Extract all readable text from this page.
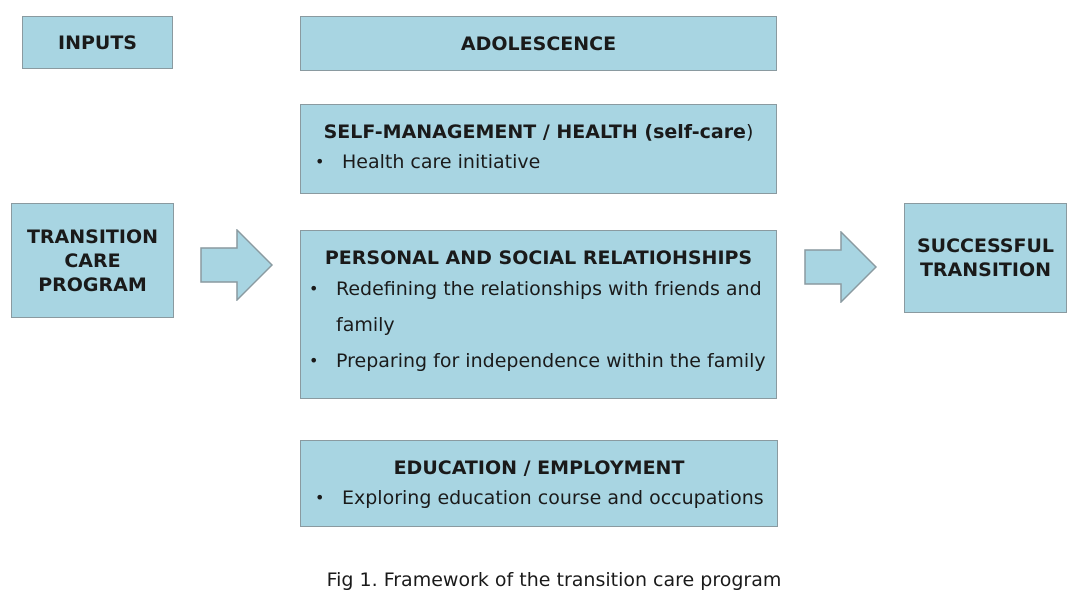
INPUTS	ADOLESCENCE
TRANSITION
CARE
PROGRAM
SELF-MANAGEMENT / HEALTH (self-care)
• Health care initiative
PERSONAL AND SOCIAL RELATIOHSHIPS
• Redefining the relationships with friends and family
• Preparing for independence within the family
EDUCATION / EMPLOYMENT
• Exploring education course and occupations
SUCCESSFUL
TRANSITION
Fig 1. Framework of the transition care program
